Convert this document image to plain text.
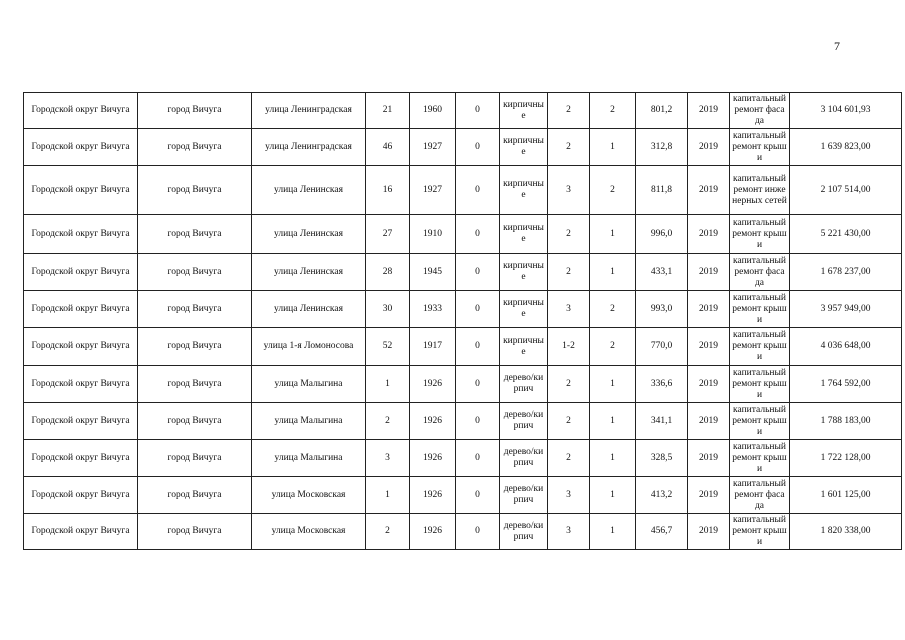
7
Городской округ Вичуга	город Вичуга	улица Ленинградская	21	1960	0	кирпичные	2	2	801,2	2019	капитальный ремонт фасада	3 104 601,93
Городской округ Вичуга	город Вичуга	улица Ленинградская	46	1927	0	кирпичные	2	1	312,8	2019	капитальный ремонт крыши	1 639 823,00
Городской округ Вичуга	город Вичуга	улица Ленинская	16	1927	0	кирпичные	3	2	811,8	2019	капитальный ремонт инженерных сетей	2 107 514,00
Городской округ Вичуга	город Вичуга	улица Ленинская	27	1910	0	кирпичные	2	1	996,0	2019	капитальный ремонт крыши	5 221 430,00
Городской округ Вичуга	город Вичуга	улица Ленинская	28	1945	0	кирпичные	2	1	433,1	2019	капитальный ремонт фасада	1 678 237,00
Городской округ Вичуга	город Вичуга	улица Ленинская	30	1933	0	кирпичные	3	2	993,0	2019	капитальный ремонт крыши	3 957 949,00
Городской округ Вичуга	город Вичуга	улица 1-я Ломоносова	52	1917	0	кирпичные	1-2	2	770,0	2019	капитальный ремонт крыши	4 036 648,00
Городской округ Вичуга	город Вичуга	улица Малыгина	1	1926	0	дерево/кирпич	2	1	336,6	2019	капитальный ремонт крыши	1 764 592,00
Городской округ Вичуга	город Вичуга	улица Малыгина	2	1926	0	дерево/кирпич	2	1	341,1	2019	капитальный ремонт крыши	1 788 183,00
Городской округ Вичуга	город Вичуга	улица Малыгина	3	1926	0	дерево/кирпич	2	1	328,5	2019	капитальный ремонт крыши	1 722 128,00
Городской округ Вичуга	город Вичуга	улица Московская	1	1926	0	дерево/кирпич	3	1	413,2	2019	капитальный ремонт фасада	1 601 125,00
Городской округ Вичуга	город Вичуга	улица Московская	2	1926	0	дерево/кирпич	3	1	456,7	2019	капитальный ремонт крыши	1 820 338,00
